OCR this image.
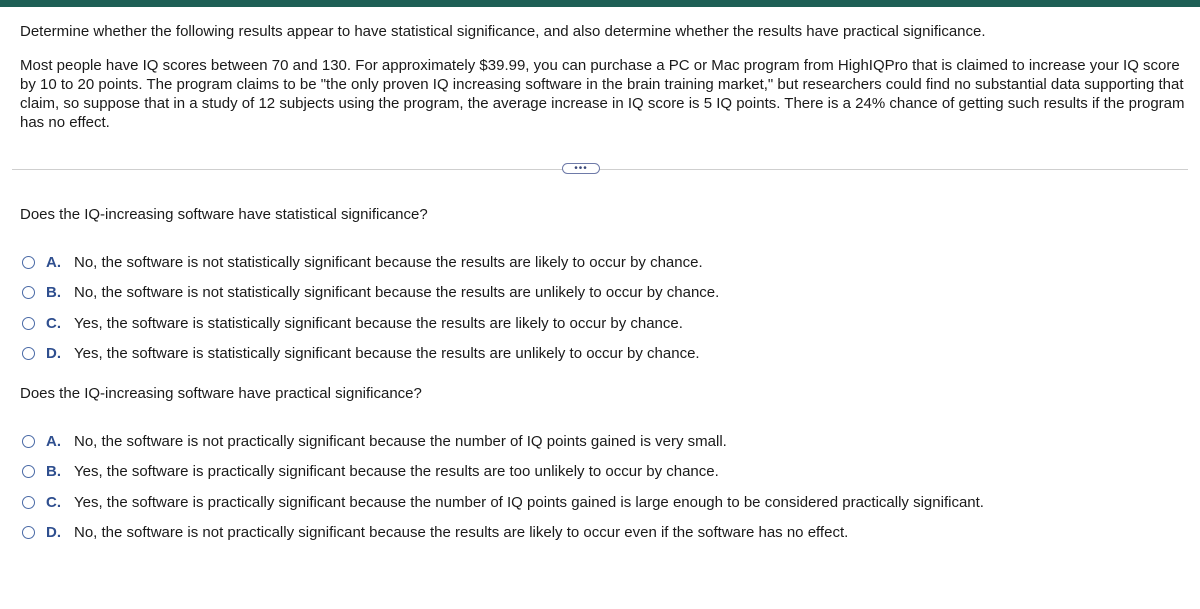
Determine whether the following results appear to have statistical significance, and also determine whether the results have practical significance.

Most people have IQ scores between 70 and 130. For approximately $39.99, you can purchase a PC or Mac program from HighIQPro that is claimed to increase your IQ score by 10 to 20 points. The program claims to be "the only proven IQ increasing software in the brain training market," but researchers could find no substantial data supporting that claim, so suppose that in a study of 12 subjects using the program, the average increase in IQ score is 5 IQ points. There is a 24% chance of getting such results if the program has no effect.

•••

Does the IQ-increasing software have statistical significance?

A. No, the software is not statistically significant because the results are likely to occur by chance.
B. No, the software is not statistically significant because the results are unlikely to occur by chance.
C. Yes, the software is statistically significant because the results are likely to occur by chance.
D. Yes, the software is statistically significant because the results are unlikely to occur by chance.

Does the IQ-increasing software have practical significance?

A. No, the software is not practically significant because the number of IQ points gained is very small.
B. Yes, the software is practically significant because the results are too unlikely to occur by chance.
C. Yes, the software is practically significant because the number of IQ points gained is large enough to be considered practically significant.
D. No, the software is not practically significant because the results are likely to occur even if the software has no effect.
